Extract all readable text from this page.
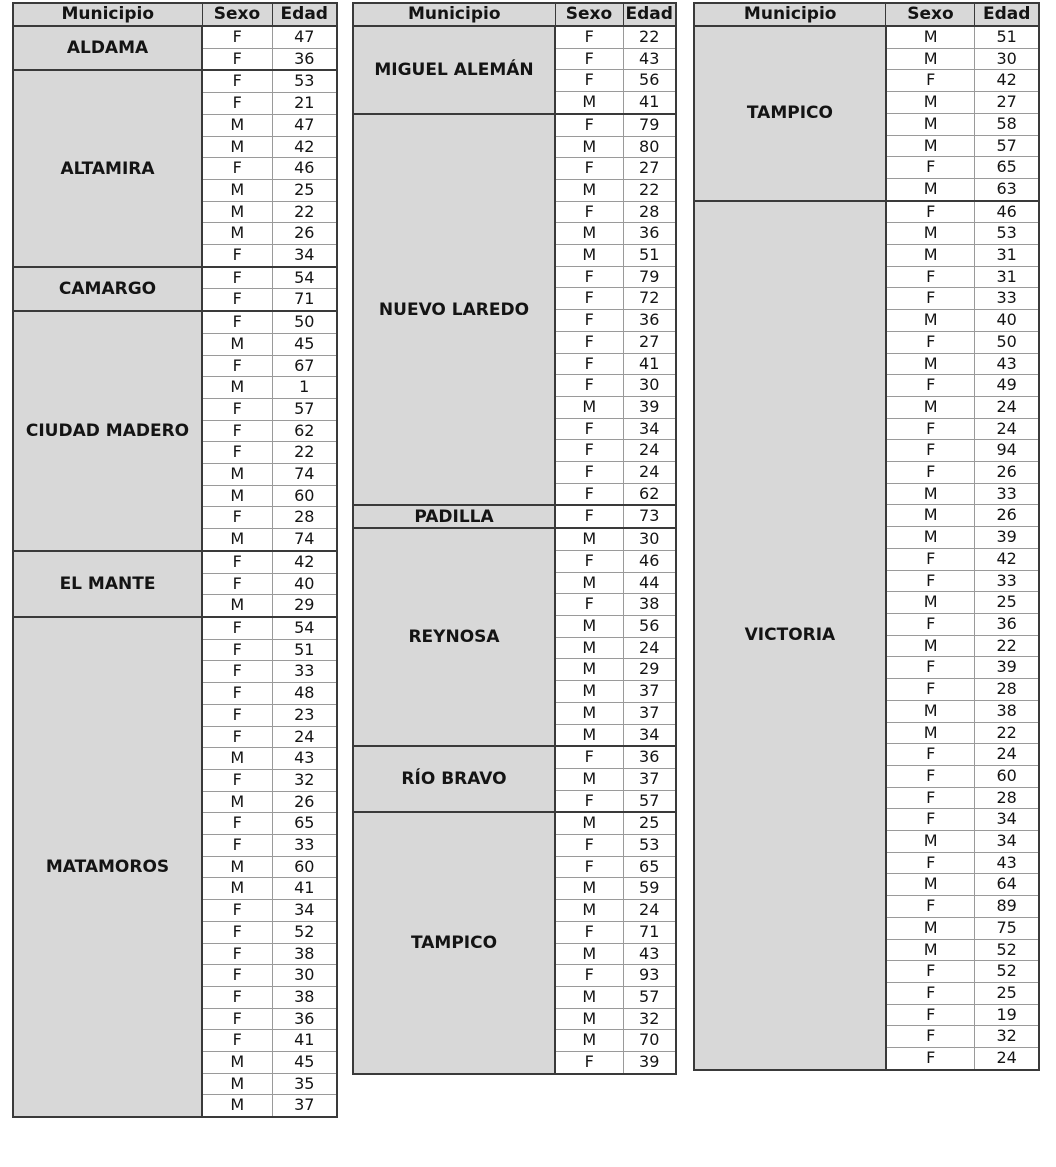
Municipio	Sexo	Edad
ALDAMA	F	47
	F	36
ALTAMIRA	F	53
	F	21
	M	47
	M	42
	F	46
	M	25
	M	22
	M	26
	F	34
CAMARGO	F	54
	F	71
CIUDAD MADERO	F	50
	M	45
	F	67
	M	1
	F	57
	F	62
	F	22
	M	74
	M	60
	F	28
	M	74
EL MANTE	F	42
	F	40
	M	29
MATAMOROS	F	54
	F	51
	F	33
	F	48
	F	23
	F	24
	M	43
	F	32
	M	26
	F	65
	F	33
	M	60
	M	41
	F	34
	F	52
	F	38
	F	30
	F	38
	F	36
	F	41
	M	45
	M	35
	M	37
Municipio	Sexo	Edad
MIGUEL ALEMÁN	F	22
	F	43
	F	56
	M	41
NUEVO LAREDO	F	79
	M	80
	F	27
	M	22
	F	28
	M	36
	M	51
	F	79
	F	72
	F	36
	F	27
	F	41
	F	30
	M	39
	F	34
	F	24
	F	24
	F	62
PADILLA	F	73
REYNOSA	M	30
	F	46
	M	44
	F	38
	M	56
	M	24
	M	29
	M	37
	M	37
	M	34
RÍO BRAVO	F	36
	M	37
	F	57
TAMPICO	M	25
	F	53
	F	65
	M	59
	M	24
	F	71
	M	43
	F	93
	M	57
	M	32
	M	70
	F	39
Municipio	Sexo	Edad
TAMPICO	M	51
	M	30
	F	42
	M	27
	M	58
	M	57
	F	65
	M	63
VICTORIA	F	46
	M	53
	M	31
	F	31
	F	33
	M	40
	F	50
	M	43
	F	49
	M	24
	F	24
	F	94
	F	26
	M	33
	M	26
	M	39
	F	42
	F	33
	M	25
	F	36
	M	22
	F	39
	F	28
	M	38
	M	22
	F	24
	F	60
	F	28
	F	34
	M	34
	F	43
	M	64
	F	89
	M	75
	M	52
	F	52
	F	25
	F	19
	F	32
	F	24
